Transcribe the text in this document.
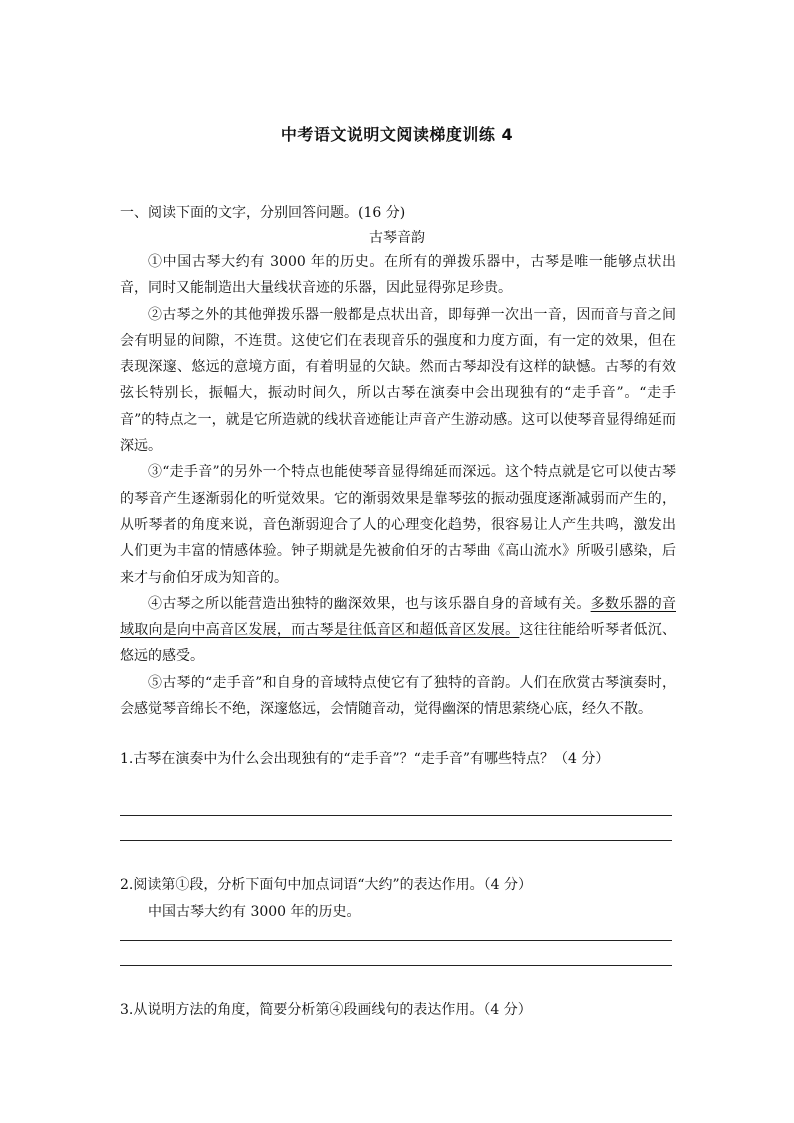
中考语文说明文阅读梯度训练 4
一、阅读下面的文字，分别回答问题。(16 分)
古琴音韵

①中国古琴大约有 3000 年的历史。在所有的弹拨乐器中，古琴是唯一能够点状出音，同时又能制造出大量线状音迹的乐器，因此显得弥足珍贵。

②古琴之外的其他弹拨乐器一般都是点状出音，即每弹一次出一音，因而音与音之间会有明显的间隙，不连贯。这使它们在表现音乐的强度和力度方面，有一定的效果，但在表现深邃、悠远的意境方面，有着明显的欠缺。然而古琴却没有这样的缺憾。古琴的有效弦长特别长，振幅大，振动时间久，所以古琴在演奏中会出现独有的“走手音”。“走手音”的特点之一，就是它所造就的线状音迹能让声音产生游动感。这可以使琴音显得绵延而深远。

③“走手音”的另外一个特点也能使琴音显得绵延而深远。这个特点就是它可以使古琴的琴音产生逐渐弱化的听觉效果。它的渐弱效果是靠琴弦的振动强度逐渐减弱而产生的，从听琴者的角度来说，音色渐弱迎合了人的心理变化趋势，很容易让人产生共鸣，激发出人们更为丰富的情感体验。钟子期就是先被俞伯牙的古琴曲《高山流水》所吸引感染，后来才与俞伯牙成为知音的。

④古琴之所以能营造出独特的幽深效果，也与该乐器自身的音域有关。多数乐器的音域取向是向中高音区发展，而古琴是往低音区和超低音区发展。这往往能给听琴者低沉、悠远的感受。

⑤古琴的“走手音”和自身的音域特点使它有了独特的音韵。人们在欣赏古琴演奏时，会感觉琴音绵长不绝，深邃悠远，会情随音动，觉得幽深的情思萦绕心底，经久不散。

1.古琴在演奏中为什么会出现独有的“走手音”？“走手音”有哪些特点？（4 分）
2.阅读第①段，分析下面句中加点词语“大约”的表达作用。（4 分）
中国古琴大约有 3000 年的历史。
3.从说明方法的角度，简要分析第④段画线句的表达作用。（4 分）
